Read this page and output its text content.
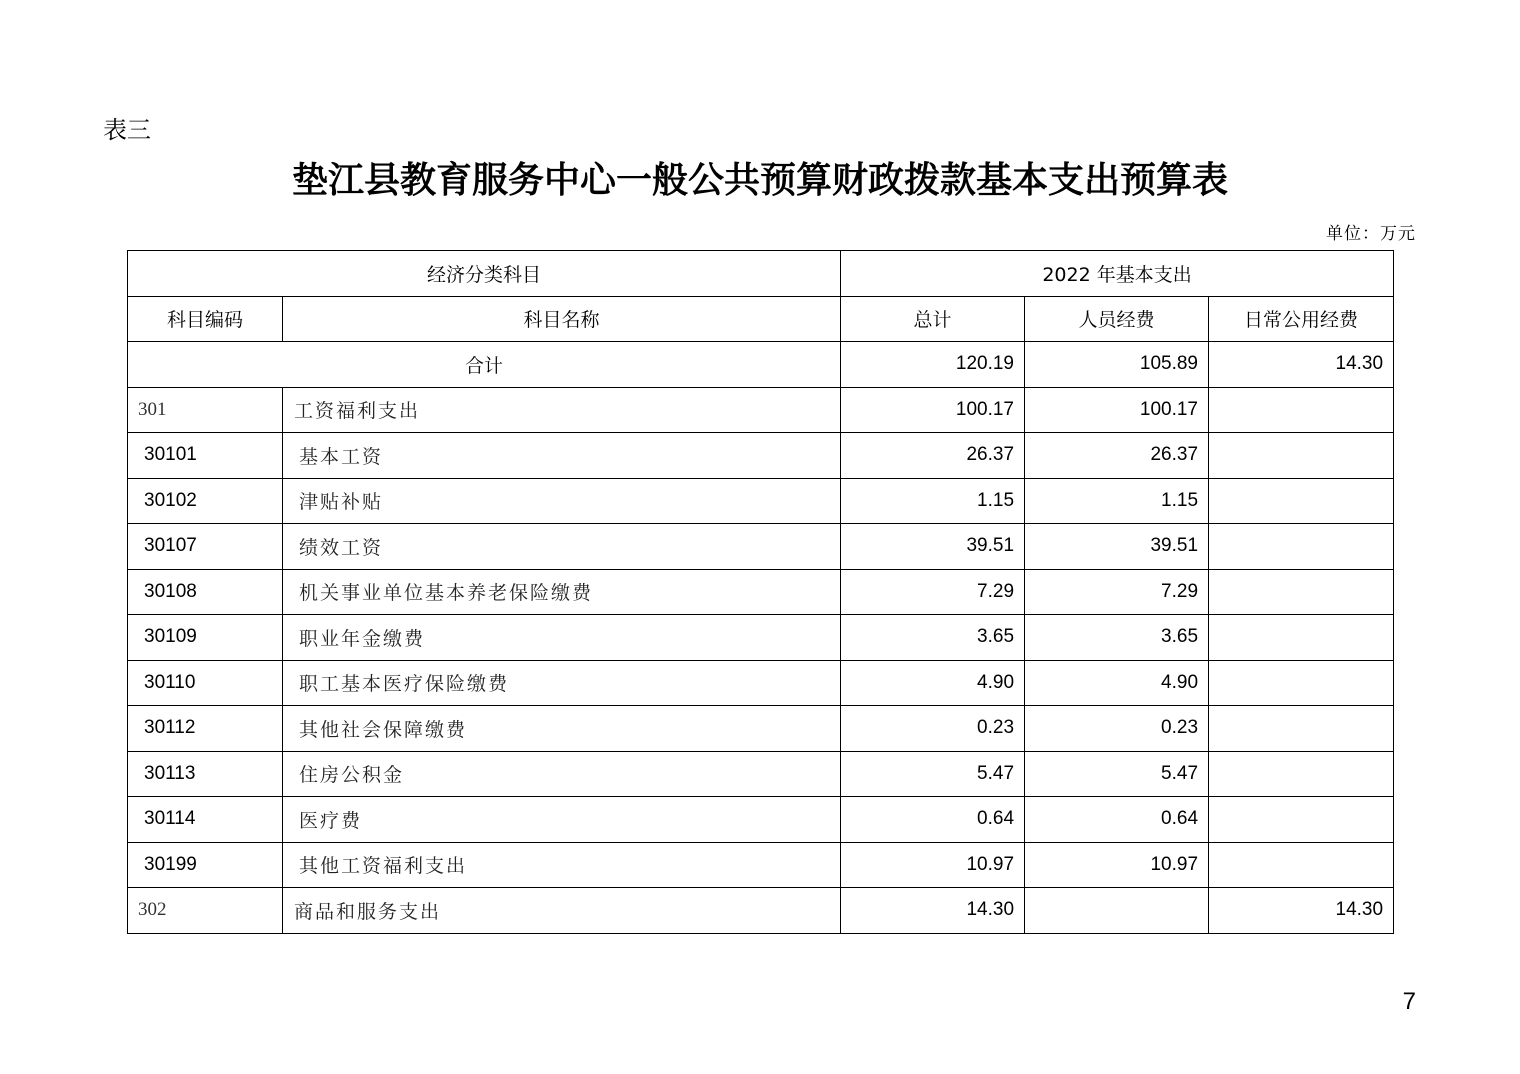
表三
垫江县教育服务中心一般公共预算财政拨款基本支出预算表
单位：万元
经济分类科目		2022 年基本支出		
科目编码	科目名称	总计	人员经费	日常公用经费
合计		120.19	105.89	14.30
301	工资福利支出	100.17	100.17	
30101	基本工资	26.37	26.37	
30102	津贴补贴	1.15	1.15	
30107	绩效工资	39.51	39.51	
30108	机关事业单位基本养老保险缴费	7.29	7.29	
30109	职业年金缴费	3.65	3.65	
30110	职工基本医疗保险缴费	4.90	4.90	
30112	其他社会保障缴费	0.23	0.23	
30113	住房公积金	5.47	5.47	
30114	医疗费	0.64	0.64	
30199	其他工资福利支出	10.97	10.97	
302	商品和服务支出	14.30		14.30
7
